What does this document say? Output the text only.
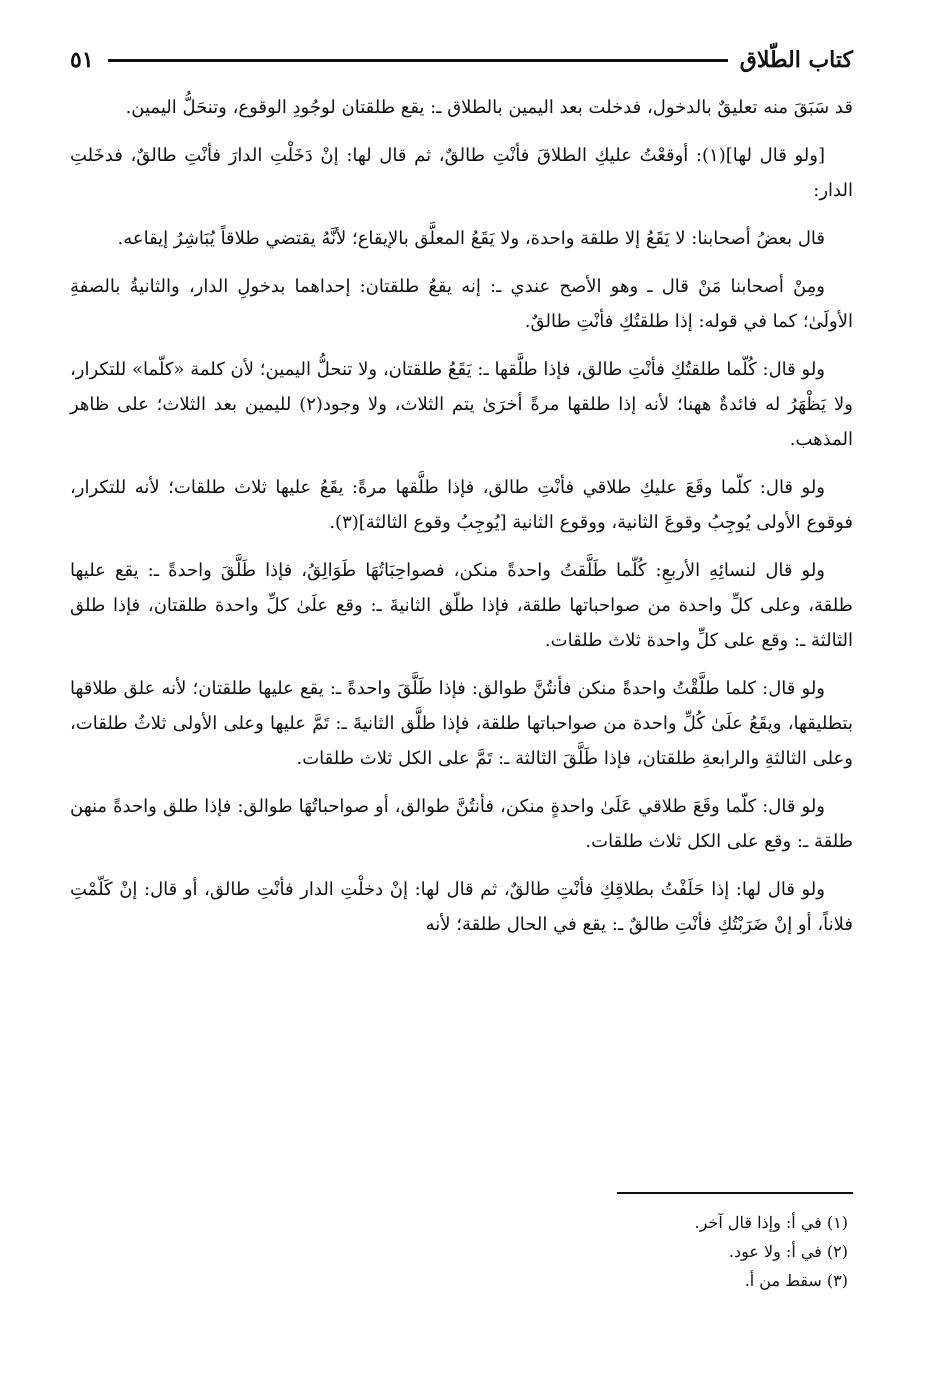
كتاب الطّلاق
٥١

قد سَبَقَ منه تعليقٌ بالدخول، فدخلت بعد اليمين بالطلاق ـ: يقع طلقتان لوجُودِ الوقوع، وتنحَلُّ اليمين.

[ولو قال لها](١): أوقعْتُ عليكِ الطلاقَ فأنْتِ طالقٌ، ثم قال لها: إنْ دَخَلْتِ الدارَ فأنْتِ طالقٌ، فدخَلتِ الدار:

قال بعضُ أصحابنا: لا يَقَعُ إلا طلقة واحدة، ولا يَقَعُ المعلَّق بالإيقاع؛ لأنَّهُ يقتضي طلاقاً يُبَاشِرُ إيقاعه.

ومِنْ أصحابنا مَنْ قال ـ وهو الأصح عندي ـ: إنه يقعُ طلقتان: إحداهما بدخولِ الدار، والثانيةُ بالصفةِ الأولَىٰ؛ كما في قوله: إذا طلقتُكِ فأنْتِ طالقٌ.

ولو قال: كُلّما طلقتُكِ فأنْتِ طالق، فإذا طلَّقها ـ: يَقَعُ طلقتان، ولا تنحلُّ اليمين؛ لأن كلمة «كلّما» للتكرار، ولا يَظْهَرُ له فائدةٌ ههنا؛ لأنه إذا طلقها مرةً أخرَىٰ يتم الثلاث، ولا وجود(٢) لليمين بعد الثلاث؛ على ظاهر المذهب.

ولو قال: كلّما وقَعَ عليكِ طلاقي فأنْتِ طالق، فإذا طلَّقها مرةً: يقَعُ عليها ثلاث طلقات؛ لأنه للتكرار، فوقوع الأولى يُوجِبُ وقوعَ الثانية، ووقوع الثانية [يُوجِبُ وقوع الثالثة](٣).

ولو قال لنسائِهِ الأربعِ: كُلّما طَلَّقتُ واحدةً منكن، فصواحِبَاتُهَا طَوَالِقُ، فإذا طَلَّقَ واحدةً ـ: يقع عليها طلقة، وعلى كلِّ واحدة من صواحباتها طلقة، فإذا طلّق الثانيةَ ـ: وقع علَىٰ كلِّ واحدة طلقتان، فإذا طلق الثالثة ـ: وقع على كلِّ واحدة ثلاث طلقات.

ولو قال: كلما طلَّقْتُ واحدةً منكن فأنتُنَّ طوالق: فإذا طَلَّقَ واحدةً ـ: يقع عليها طلقتان؛ لأنه علق طلاقها بتطليقها، ويقَعُ علَىٰ كُلِّ واحدة من صواحباتها طلقة، فإذا طلَّق الثانيةَ ـ: تَمَّ عليها وعلى الأولى ثلاثُ طلقات، وعلى الثالثةِ والرابعةِ طلقتان، فإذا طَلَّقَ الثالثة ـ: تَمَّ على الكل ثلاث طلقات.

ولو قال: كلّما وقَعَ طلاقي عَلَىٰ واحدةٍ منكن، فأنتُنَّ طوالق، أو صواحباتُهَا طوالق: فإذا طلق واحدةً منهن طلقة ـ: وقع على الكل ثلاث طلقات.

ولو قال لها: إذا حَلَفْتُ بطلاقِكِ فأنْتِ طالقٌ، ثم قال لها: إنْ دخلْتِ الدار فأنْتِ طالق، أو قال: إنْ كَلّمْتِ فلاناً، أو إنْ ضَرَبْتُكِ فأنْتِ طالقٌ ـ: يقع في الحال طلقة؛ لأنه

(١) في أ: وإذا قال آخر.

(٢) في أ: ولا عود.

(٣) سقط من أ.
